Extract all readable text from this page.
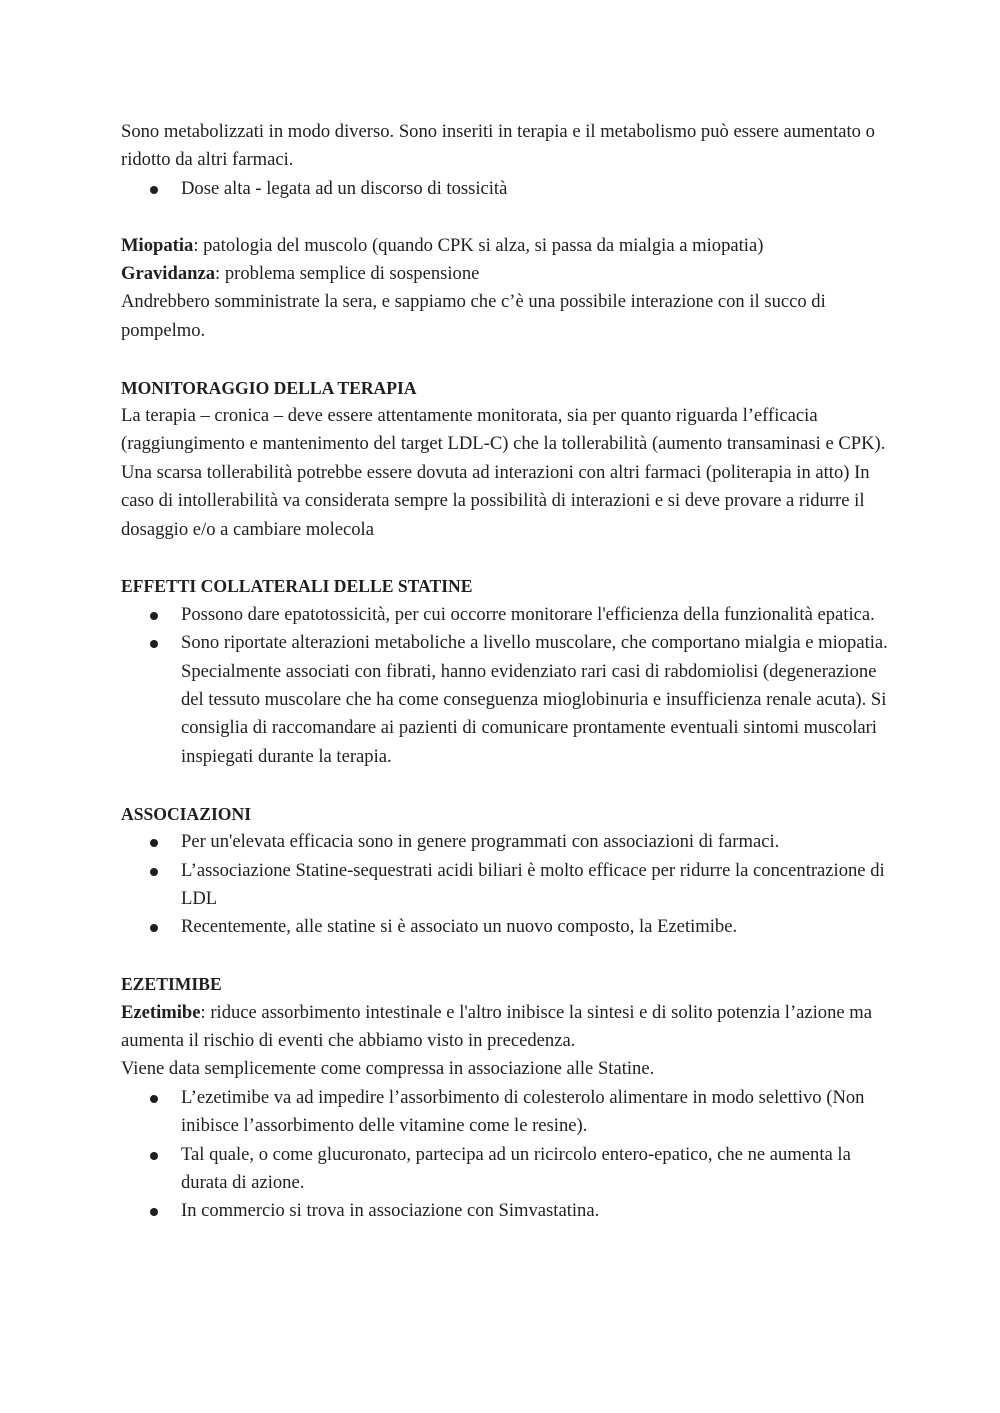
Sono metabolizzati in modo diverso. Sono inseriti in terapia e il metabolismo può essere aumentato o ridotto da altri farmaci.

Dose alta - legata ad un discorso di tossicità

Miopatia: patologia del muscolo (quando CPK si alza, si passa da mialgia a miopatia)

Gravidanza: problema semplice di sospensione

Andrebbero somministrate la sera, e sappiamo che c’è una possibile interazione con il succo di pompelmo.

MONITORAGGIO DELLA TERAPIA

La terapia – cronica – deve essere attentamente monitorata, sia per quanto riguarda l’efficacia (raggiungimento e mantenimento del target LDL-C) che la tollerabilità (aumento transaminasi e CPK). Una scarsa tollerabilità potrebbe essere dovuta ad interazioni con altri farmaci (politerapia in atto) In caso di intollerabilità va considerata sempre la possibilità di interazioni e si deve provare a ridurre il dosaggio e/o a cambiare molecola

EFFETTI COLLATERALI DELLE STATINE

Possono dare epatotossicità, per cui occorre monitorare l'efficienza della funzionalità epatica.
Sono riportate alterazioni metaboliche a livello muscolare, che comportano mialgia e miopatia. Specialmente associati con fibrati, hanno evidenziato rari casi di rabdomiolisi (degenerazione del tessuto muscolare che ha come conseguenza mioglobinuria e insufficienza renale acuta). Si consiglia di raccomandare ai pazienti di comunicare prontamente eventuali sintomi muscolari inspiegati durante la terapia.

ASSOCIAZIONI

Per un'elevata efficacia sono in genere programmati con associazioni di farmaci.
L’associazione Statine-sequestrati acidi biliari è molto efficace per ridurre la concentrazione di LDL
Recentemente, alle statine si è associato un nuovo composto, la Ezetimibe.

EZETIMIBE

Ezetimibe: riduce assorbimento intestinale e l'altro inibisce la sintesi e di solito potenzia l’azione ma aumenta il rischio di eventi che abbiamo visto in precedenza.

Viene data semplicemente come compressa in associazione alle Statine.

L’ezetimibe va ad impedire l’assorbimento di colesterolo alimentare in modo selettivo (Non inibisce l’assorbimento delle vitamine come le resine).
Tal quale, o come glucuronato, partecipa ad un ricircolo entero-epatico, che ne aumenta la durata di azione.
In commercio si trova in associazione con Simvastatina.
